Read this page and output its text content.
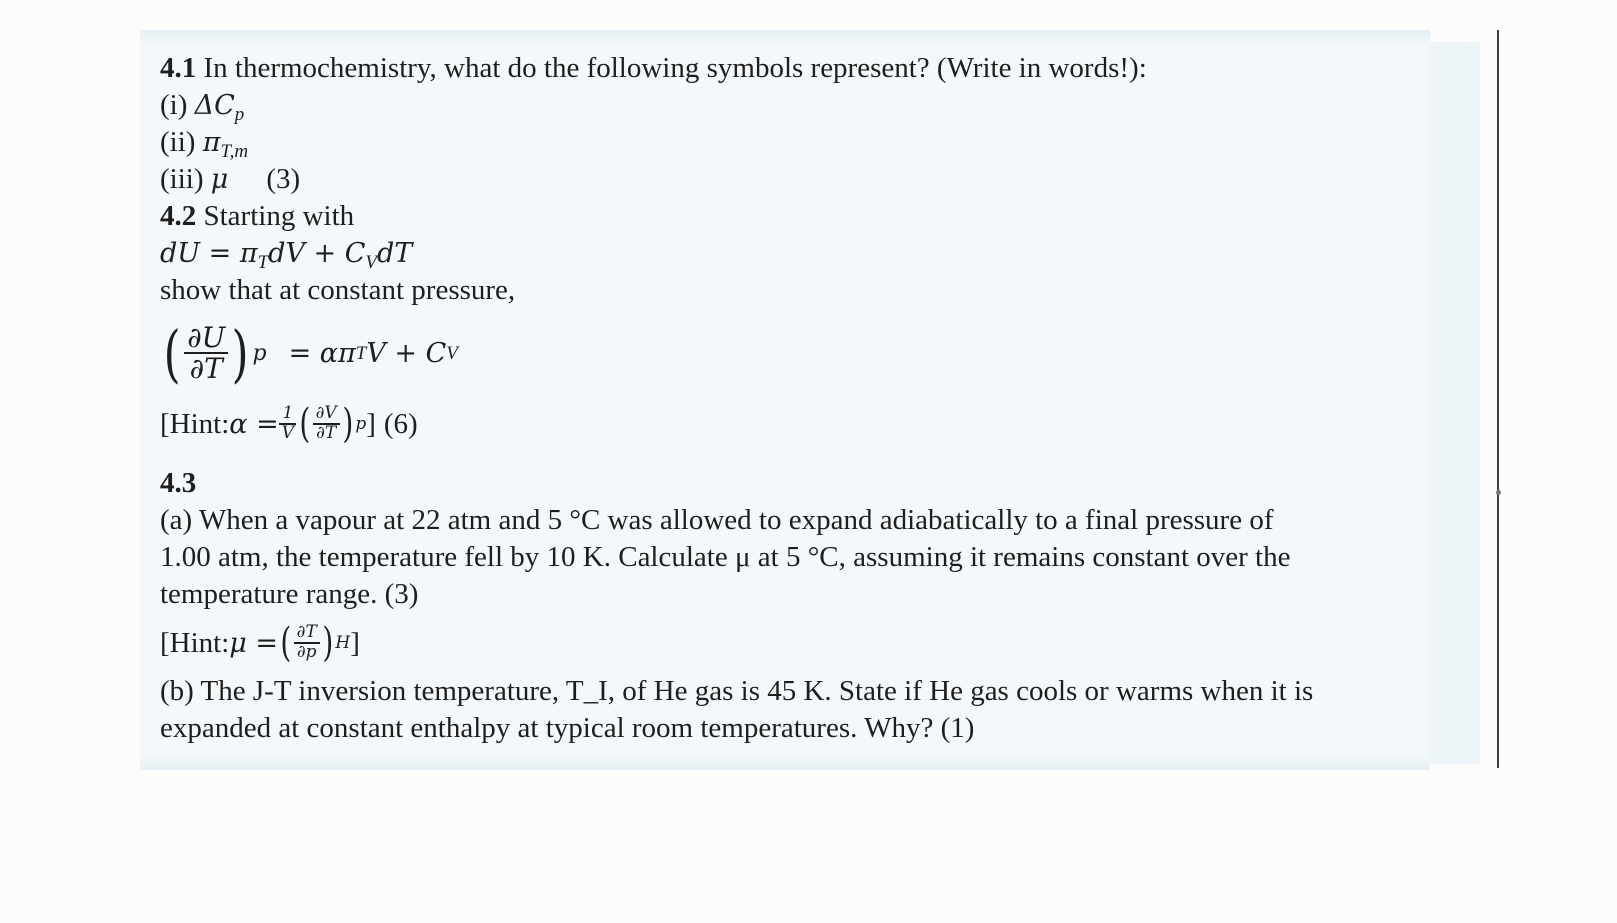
4.1 In thermochemistry, what do the following symbols represent? (Write in words!):
(i) $\Delta C_p$
(ii) $\pi_{T,m}$
(iii) μ (3)
4.2 Starting with
dU = $\pi_TdV + C_VdT$
show that at constant pressure,
( $\frac{\partial U}{\partial T}$ ) p = απ T V + C V
[Hint: $\alpha = \frac{1}{V}$ ( $\frac{\partial V}{\partial T}$ ) p ] (6)
4.3
(a) When a vapour at 22 atm and 5 °C was allowed to expand adiabatically to a final pressure of
1.00 atm, the temperature fell by 10 K. Calculate μ at 5 °C, assuming it remains constant over the
temperature range. (3)
[Hint: μ = ( $\frac{\partial T}{\partial p}$ ) H ]
(b) The J-T inversion temperature, T_I, of He gas is 45 K. State if He gas cools or warms when it is
expanded at constant enthalpy at typical room temperatures. Why? (1)
